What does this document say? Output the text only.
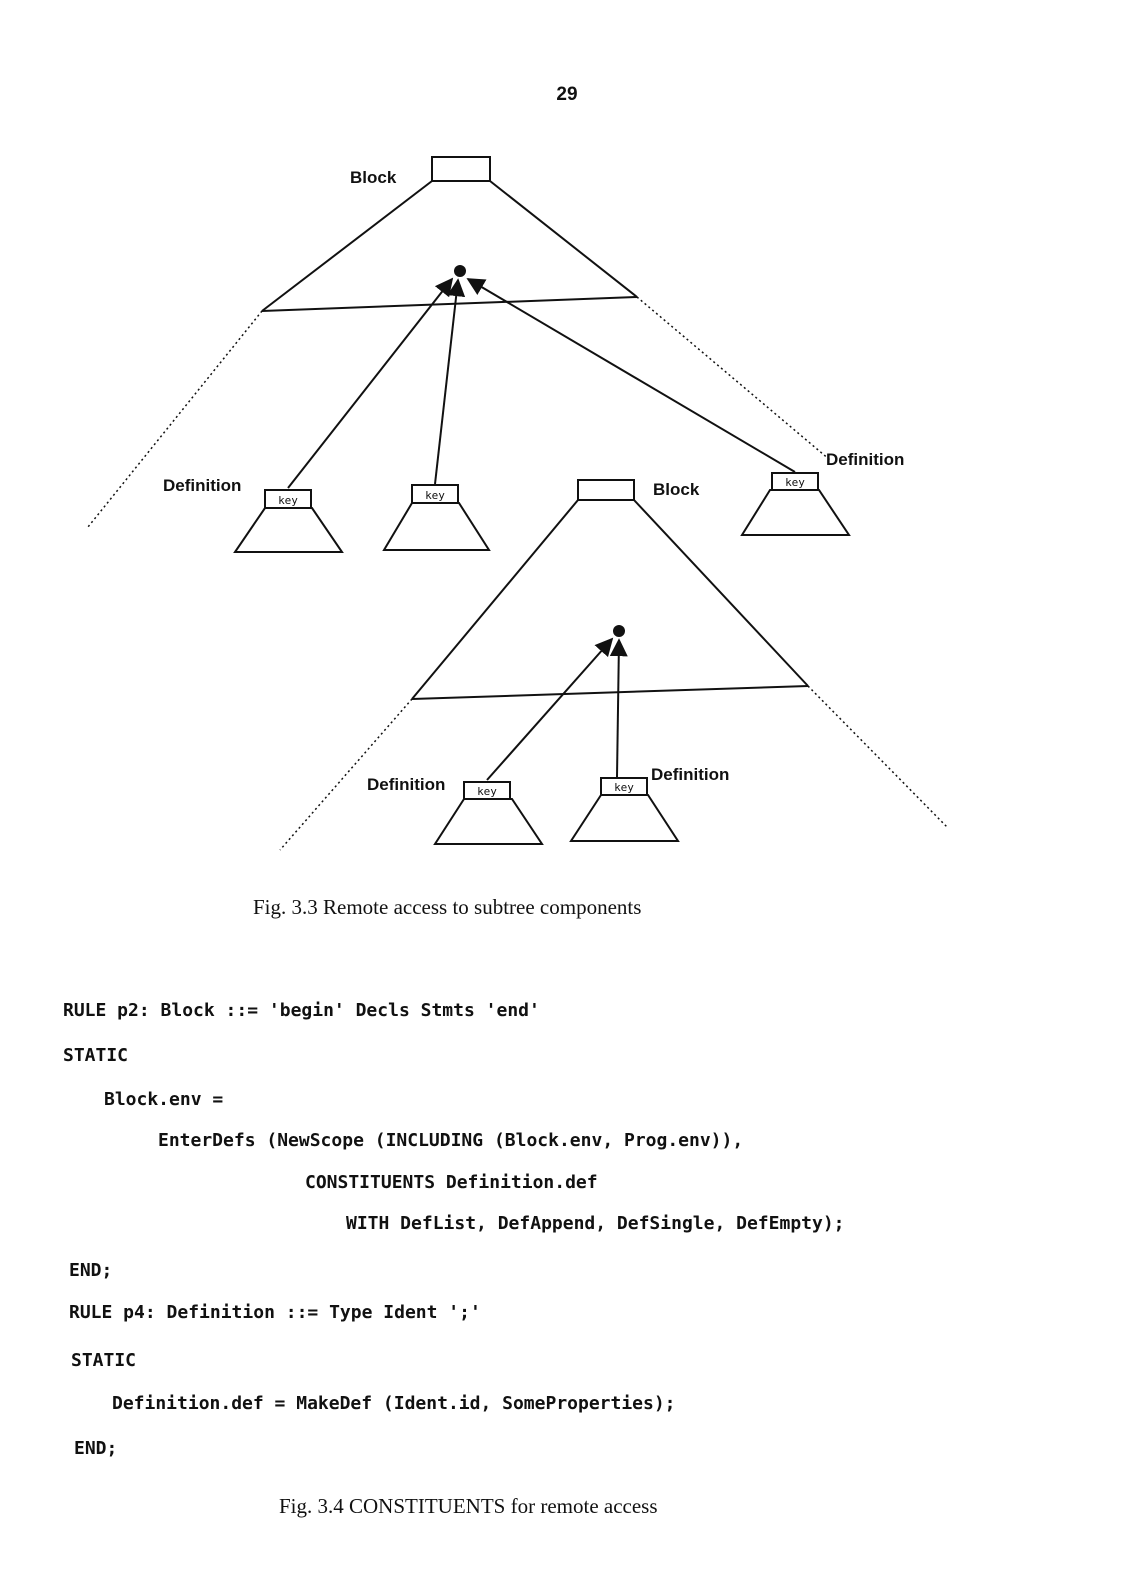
29
key	key
key
key	key
Block
Definition	Block
Definition
Definition
Definition
Fig. 3.3 Remote access to subtree components
RULE p2: Block ::= 'begin' Decls Stmts 'end'
STATIC
Block.env =
EnterDefs (NewScope (INCLUDING (Block.env, Prog.env)),
CONSTITUENTS Definition.def
WITH DefList, DefAppend, DefSingle, DefEmpty);
END;
RULE p4: Definition ::= Type Ident ';'
STATIC
Definition.def = MakeDef (Ident.id, SomeProperties);
END;
Fig. 3.4 CONSTITUENTS for remote access
